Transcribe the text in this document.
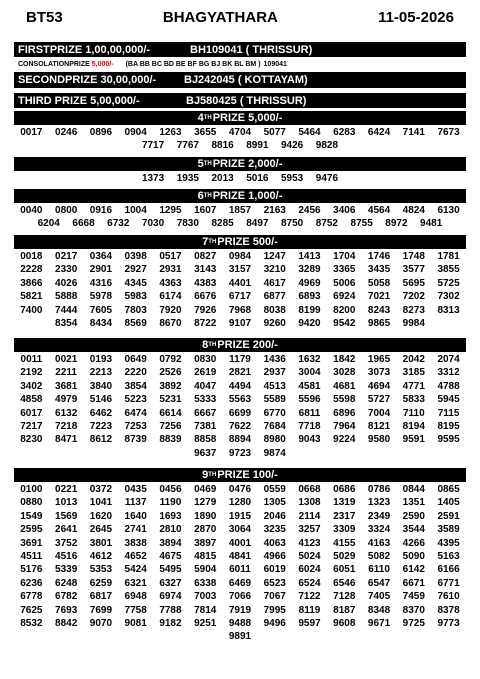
BT53	BHAGYATHARA	11-05-2026
FIRSTPRIZE 1,00,00,000/-	BH109041 ( THRISSUR)
CONSOLATIONPRIZE
5,000/- (BA BB BC BD BE BF BG BJ BK BL BM ) 109041
SECONDPRIZE 30,00,000/-	BJ242045 ( KOTTAYAM)
THIRD PRIZE 5,00,000/-	BJ580425 ( THRISSUR)
4 TH PRIZE 5,000/-
0017	0246	0896	0904	1263	3655	4704	5077	5464	6283	6424	7141	7673
7717	7767	8816	8991	9426	9828
5 TH PRIZE 2,000/-
1373	1935	2013	5016	5953	9476
6 TH PRIZE 1,000/-
0040	0800	0916	1004	1295	1607	1857	2163	2456	3406	4564	4824	6130
6204	6668	6732	7030	7830	8285	8497	8750	8752	8755	8972	9481
7 TH PRIZE 500/-
0018	0217	0364	0398	0517	0827	0984	1247	1413	1704	1746	1748	1781
2228	2330	2901	2927	2931	3143	3157	3210	3289	3365	3435	3577	3855
3866	4026	4316	4345	4363	4383	4401	4617	4969	5006	5058	5695	5725
5821	5888	5978	5983	6174	6676	6717	6877	6893	6924	7021	7202	7302
7400	7444	7605	7803	7920	7926	7968	8038	8199	8200	8243	8273	8313
8354	8434	8569	8670	8722	9107	9260	9420	9542	9865	9984
8 TH PRIZE 200/-
0011	0021	0193	0649	0792	0830	1179	1436	1632	1842	1965	2042	2074
2192	2211	2213	2220	2526	2619	2821	2937	3004	3028	3073	3185	3312
3402	3681	3840	3854	3892	4047	4494	4513	4581	4681	4694	4771	4788
4858	4979	5146	5223	5231	5333	5563	5589	5596	5598	5727	5833	5945
6017	6132	6462	6474	6614	6667	6699	6770	6811	6896	7004	7110	7115
7217	7218	7223	7253	7256	7381	7622	7684	7718	7964	8121	8194	8195
8230	8471	8612	8739	8839	8858	8894	8980	9043	9224	9580	9591	9595
9637	9723	9874
9 TH PRIZE 100/-
0100	0221	0372	0435	0456	0469	0476	0559	0668	0686	0786	0844	0865
0880	1013	1041	1137	1190	1279	1280	1305	1308	1319	1323	1351	1405
1549	1569	1620	1640	1693	1890	1915	2046	2114	2317	2349	2590	2591
2595	2641	2645	2741	2810	2870	3064	3235	3257	3309	3324	3544	3589
3691	3752	3801	3838	3894	3897	4001	4063	4123	4155	4163	4266	4395
4511	4516	4612	4652	4675	4815	4841	4966	5024	5029	5082	5090	5163
5176	5339	5353	5424	5495	5904	6011	6019	6024	6051	6110	6142	6166
6236	6248	6259	6321	6327	6338	6469	6523	6524	6546	6547	6671	6771
6778	6782	6817	6948	6974	7003	7066	7067	7122	7128	7405	7459	7610
7625	7693	7699	7758	7788	7814	7919	7995	8119	8187	8348	8370	8378
8532	8842	9070	9081	9182	9251	9488	9496	9597	9608	9671	9725	9773
9891
